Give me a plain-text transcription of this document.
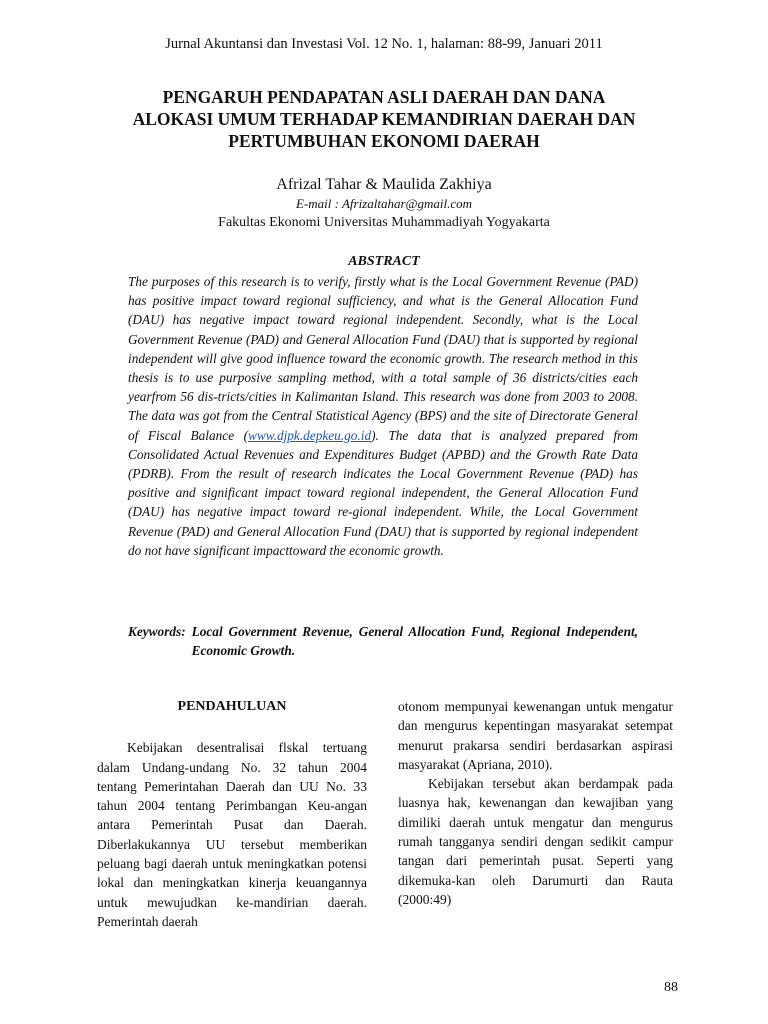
Jurnal Akuntansi dan Investasi Vol. 12 No. 1, halaman: 88-99, Januari 2011
PENGARUH PENDAPATAN ASLI DAERAH DAN DANA
ALOKASI UMUM TERHADAP KEMANDIRIAN DAERAH DAN
PERTUMBUHAN EKONOMI DAERAH
Afrizal Tahar & Maulida Zakhiya
E-mail : Afrizaltahar@gmail.com
Fakultas Ekonomi Universitas Muhammadiyah Yogyakarta
ABSTRACT

The purposes of this research is to verify, firstly what is the Local Government Revenue (PAD) has positive impact toward regional sufficiency, and what is the General Allocation Fund (DAU) has negative impact toward regional independent. Secondly, what is the Local Government Revenue (PAD) and General Allocation Fund (DAU) that is supported by regional independent will give good influence toward the economic growth. The research method in this thesis is to use purposive sampling method, with a total sample of 36 districts/cities each yearfrom 56 dis-tricts/cities in Kalimantan Island. This research was done from 2003 to 2008. The data was got from the Central Statistical Agency (BPS) and the site of Directorate General of Fiscal Balance (www.djpk.depkeu.go.id). The data that is analyzed prepared from Consolidated Actual Revenues and Expenditures Budget (APBD) and the Growth Rate Data (PDRB). From the result of research indicates the Local Government Revenue (PAD) has positive and significant impact toward regional independent, the General Allocation Fund (DAU) has negative impact toward re-gional independent. While, the Local Government Revenue (PAD) and General Allocation Fund (DAU) that is supported by regional independent do not have significant impacttoward the economic growth.

Keywords: Local Government Revenue, General Allocation Fund, Regional Independent, Economic Growth.
PENDAHULUAN

Kebijakan desentralisai flskal tertuang dalam Undang-undang No. 32 tahun 2004 tentang Pemerintahan Daerah dan UU No. 33 tahun 2004 tentang Perimbangan Keu-angan antara Pemerintah Pusat dan Daerah. Diberlakukannya UU tersebut memberikan peluang bagi daerah untuk meningkatkan potensi lokal dan meningkatkan kinerja keuangannya untuk mewujudkan ke-mandirian daerah. Pemerintah daerah

otonom mempunyai kewenangan untuk mengatur dan mengurus kepentingan masyarakat setempat menurut prakarsa sendiri berdasarkan aspirasi masyarakat (Apriana, 2010).

Kebijakan tersebut akan berdampak pada luasnya hak, kewenangan dan kewajiban yang dimiliki daerah untuk mengatur dan mengurus rumah tangganya sendiri dengan sedikit campur tangan dari pemerintah pusat. Seperti yang dikemuka-kan oleh Darumurti dan Rauta (2000:49)

88
